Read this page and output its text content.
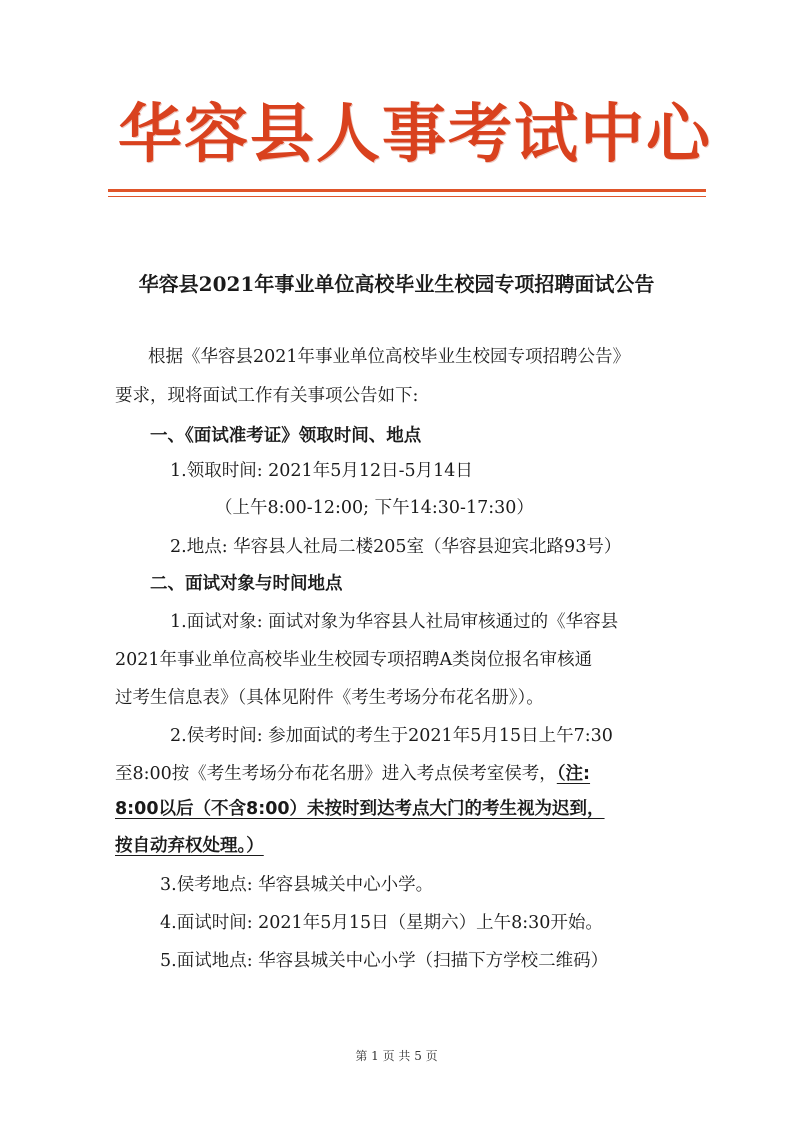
华容县人事考试中心
华容县2021年事业单位高校毕业生校园专项招聘面试公告
根据《华容县2021年事业单位高校毕业生校园专项招聘公告》
要求，现将面试工作有关事项公告如下:
一、《面试准考证》领取时间、地点
1.领取时间: 2021年5月12日-5月14日
（上午8:00-12:00; 下午14:30-17:30）
2.地点: 华容县人社局二楼205室（华容县迎宾北路93号）
二、面试对象与时间地点
1.面试对象: 面试对象为华容县人社局审核通过的《华容县
2021年事业单位高校毕业生校园专项招聘A类岗位报名审核通
过考生信息表》（具体见附件《考生考场分布花名册》）。
2.侯考时间: 参加面试的考生于2021年5月15日上午7:30
至8:00按《考生考场分布花名册》进入考点侯考室侯考，（注:
8:00以后（不含8:00）未按时到达考点大门的考生视为迟到，
按自动弃权处理。）
3.侯考地点: 华容县城关中心小学。
4.面试时间: 2021年5月15日（星期六）上午8:30开始。
5.面试地点: 华容县城关中心小学（扫描下方学校二维码）
第 1 页 共 5 页
